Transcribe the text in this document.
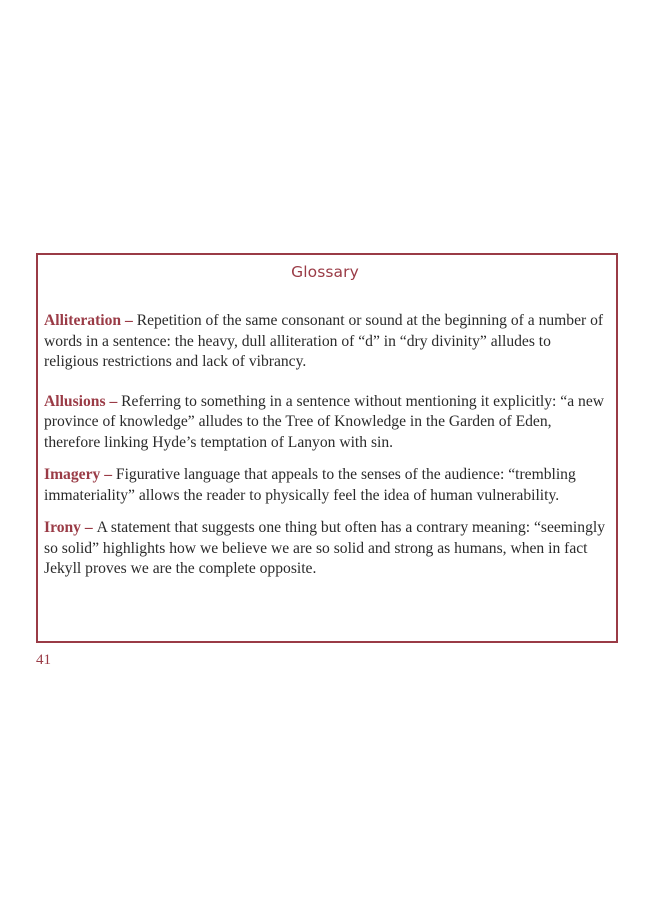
Glossary

Alliteration – Repetition of the same consonant or sound at the beginning of a number of words in a sentence: the heavy, dull alliteration of “d” in “dry divinity” alludes to religious restrictions and lack of vibrancy.

Allusions – Referring to something in a sentence without mentioning it explicitly: “a new province of knowledge” alludes to the Tree of Knowledge in the Garden of Eden, therefore linking Hyde’s temptation of Lanyon with sin.

Imagery – Figurative language that appeals to the senses of the audience: “trembling immateriality” allows the reader to physically feel the idea of human vulnerability.

Irony – A statement that suggests one thing but often has a contrary meaning: “seemingly so solid” highlights how we believe we are so solid and strong as humans, when in fact Jekyll proves we are the complete opposite.

41
